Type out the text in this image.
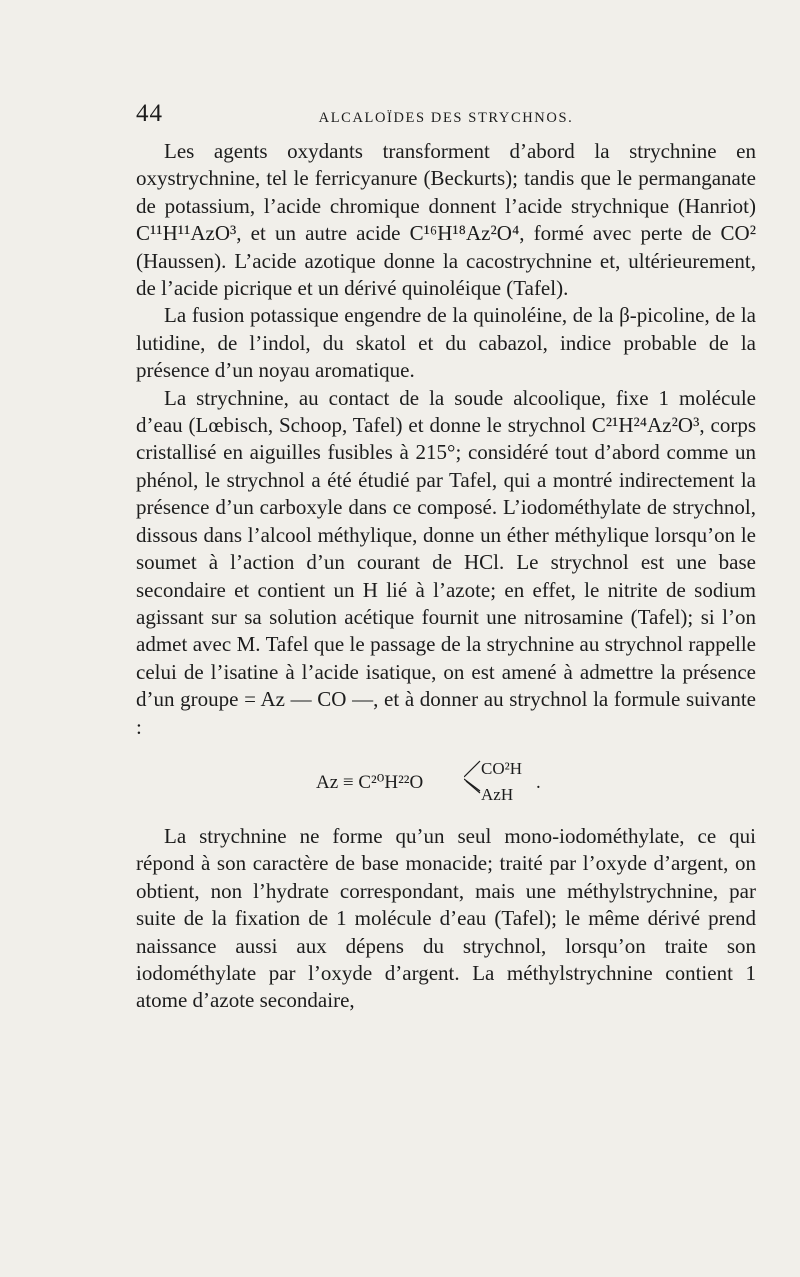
44	ALCALOÏDES DES STRYCHNOS.

Les agents oxydants transforment d’abord la strychnine en oxystrychnine, tel le ferricyanure (Beckurts); tandis que le permanganate de potassium, l’acide chromique donnent l’acide strychnique (Hanriot) C¹¹H¹¹AzO³, et un autre acide C¹⁶H¹⁸Az²O⁴, formé avec perte de CO² (Haussen). L’acide azotique donne la cacostrychnine et, ultérieurement, de l’acide picrique et un dérivé quinoléique (Tafel).

La fusion potassique engendre de la quinoléine, de la β-picoline, de la lutidine, de l’indol, du skatol et du cabazol, indice probable de la présence d’un noyau aromatique.

La strychnine, au contact de la soude alcoolique, fixe 1 molécule d’eau (Lœbisch, Schoop, Tafel) et donne le strychnol C²¹H²⁴Az²O³, corps cristallisé en aiguilles fusibles à 215°; considéré tout d’abord comme un phénol, le strychnol a été étudié par Tafel, qui a montré indirectement la présence d’un carboxyle dans ce composé. L’iodométhylate de strychnol, dissous dans l’alcool méthylique, donne un éther méthylique lorsqu’on le soumet à l’action d’un courant de HCl. Le strychnol est une base secondaire et contient un H lié à l’azote; en effet, le nitrite de sodium agissant sur sa solution acétique fournit une nitrosamine (Tafel); si l’on admet avec M. Tafel que le passage de la strychnine au strychnol rappelle celui de l’isatine à l’acide isatique, on est amené à admettre la présence d’un groupe = Az — CO —, et à donner au strychnol la formule suivante :

Az ≡ C²⁰H²²O
CO²H
AzH
.

La strychnine ne forme qu’un seul mono-iodométhylate, ce qui répond à son caractère de base monacide; traité par l’oxyde d’argent, on obtient, non l’hydrate correspondant, mais une méthylstrychnine, par suite de la fixation de 1 molécule d’eau (Tafel); le même dérivé prend naissance aussi aux dépens du strychnol, lorsqu’on traite son iodométhylate par l’oxyde d’argent. La méthylstrychnine contient 1 atome d’azote secondaire,
